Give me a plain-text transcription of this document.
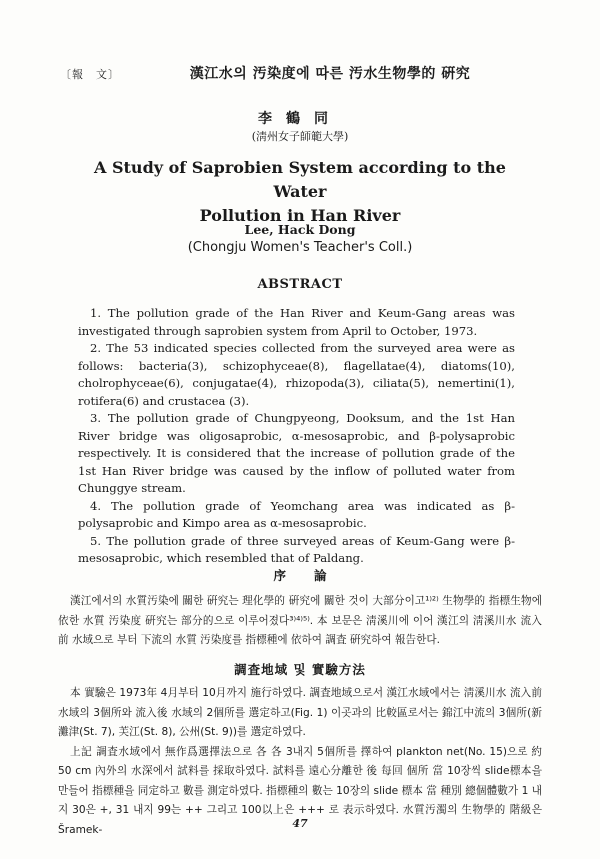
〔報　文〕	漢江水의 汚染度에 따른 汚水生物學的 硏究
李鶴同
(淸州女子師範大學)
A Study of Saprobien System according to the Water
Pollution in Han River
Lee, Hack Dong
(Chongju Women's Teacher's Coll.)
ABSTRACT

1. The pollution grade of the Han River and Keum-Gang areas was investigated through saprobien system from April to October, 1973.

2. The 53 indicated species collected from the surveyed area were as follows: bacteria(3), schizophyceae(8), flagellatae(4), diatoms(10), cholrophyceae(6), conjugatae(4), rhizopoda(3), ciliata(5), nemertini(1), rotifera(6) and crustacea (3).

3. The pollution grade of Chungpyeong, Dooksum, and the 1st Han River bridge was oligosaprobic, α-mesosaprobic, and β-polysaprobic respectively. It is considered that the increase of pollution grade of the 1st Han River bridge was caused by the inflow of polluted water from Chunggye stream.

4. The pollution grade of Yeomchang area was indicated as β-polysaprobic and Kimpo area as α-mesosaprobic.

5. The pollution grade of three surveyed areas of Keum-Gang were β-mesosaprobic, which resembled that of Paldang.

序論

漢江에서의 水質汚染에 關한 硏究는 理化學的 硏究에 關한 것이 大部分이고¹⁾²⁾ 生物學的 指標生物에 依한 水質 汚染度 硏究는 部分的으로 이루어졌다³⁾⁴⁾⁵⁾. 本 보문은 淸溪川에 이어 漢江의 淸溪川水 流入 前 水域으로 부터 下流의 水質 汚染度를 指標種에 依하여 調査 硏究하여 報告한다.

調査地域 및 實驗方法

本 實驗은 1973年 4月부터 10月까지 施行하였다. 調査地域으로서 漢江水域에서는 淸溪川水 流入前 水域의 3個所와 流入後 水域의 2個所를 選定하고(Fig. 1) 이곳과의 比較區로서는 錦江中流의 3個所(新灘津(St. 7), 芙江(St. 8), 公州(St. 9))를 選定하였다.

上記 調査水域에서 無作爲選擇法으로 各 各 3내지 5個所를 擇하여 plankton net(No. 15)으로 約 50 cm 內外의 水深에서 試料를 採取하였다. 試料를 遠心分離한 後 每回 個所 當 10장씩 slide標本을 만들어 指標種을 同定하고 數를 測定하였다. 指標種의 數는 10장의 slide 標本 當 種別 總個體數가 1 내지 30은 +, 31 내지 99는 ++ 그리고 100以上은 +++ 로 表示하였다. 水質汚濁의 生物學的 階級은 Šramek-	47
